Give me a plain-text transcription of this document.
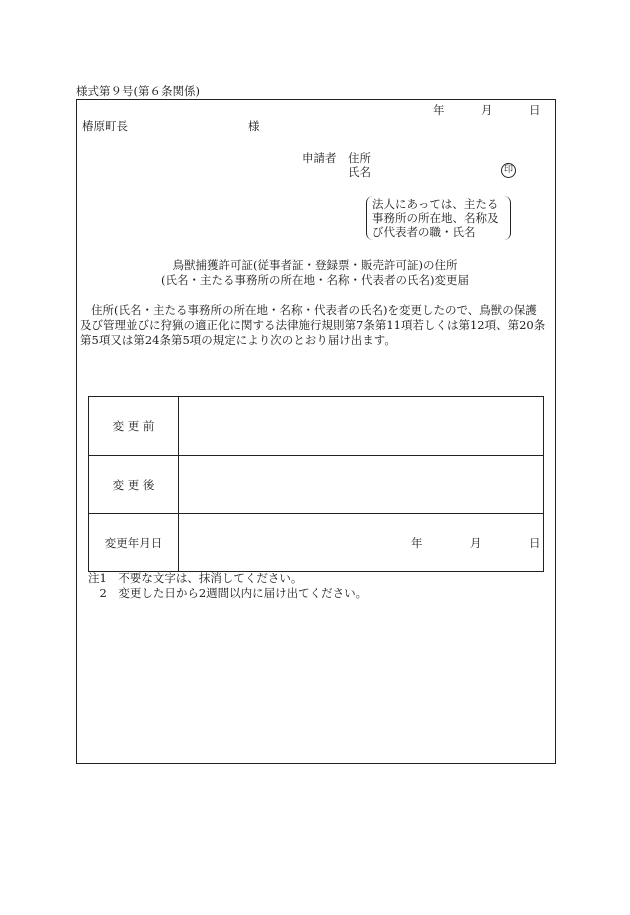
様式第９号(第６条関係)
年	月	日
椿原町長	様
申請者 住所
氏名	印
法人にあっては、主たる
事務所の所在地、名称及
び代表者の職・氏名
鳥獣捕獲許可証(従事者証・登録票・販売許可証)の住所
(氏名・主たる事務所の所在地・名称・代表者の氏名)変更届
住所(氏名・主たる事務所の所在地・名称・代表者の氏名)を変更したので、鳥獣の保護
及び管理並びに狩猟の適正化に関する法律施行規則第7条第11項若しくは第12項、第20条
第5項又は第24条第5項の規定により次のとおり届け出ます。
変 更 前	
変 更 後	
変更年月日	年 月 日
注1　不要な文字は、抹消してください。
　2　変更した日から2週間以内に届け出てください。
